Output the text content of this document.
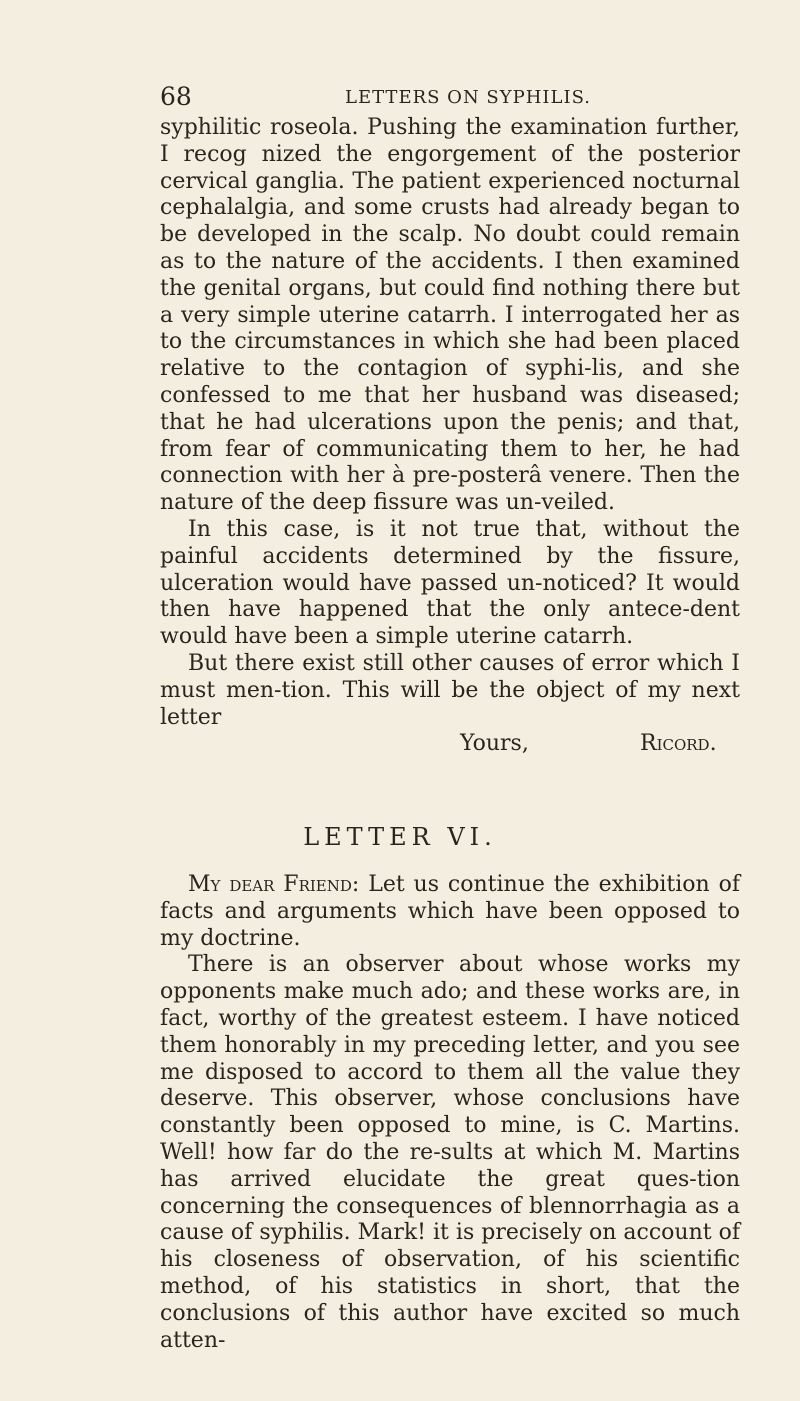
68	LETTERS ON SYPHILIS.

syphilitic roseola. Pushing the examination further, I recog nized the engorgement of the posterior cervical ganglia. The patient experienced nocturnal cephalalgia, and some crusts had already began to be developed in the scalp. No doubt could remain as to the nature of the accidents. I then examined the genital organs, but could find nothing there but a very simple uterine catarrh. I interrogated her as to the circumstances in which she had been placed relative to the contagion of syphi-lis, and she confessed to me that her husband was diseased; that he had ulcerations upon the penis; and that, from fear of communicating them to her, he had connection with her à pre-posterâ venere. Then the nature of the deep fissure was un-veiled.

In this case, is it not true that, without the painful accidents determined by the fissure, ulceration would have passed un-noticed? It would then have happened that the only antece-dent would have been a simple uterine catarrh.

But there exist still other causes of error which I must men-tion. This will be the object of my next letter

Yours,	Ricord.
LETTER VI.

My dear Friend: Let us continue the exhibition of facts and arguments which have been opposed to my doctrine.

There is an observer about whose works my opponents make much ado; and these works are, in fact, worthy of the greatest esteem. I have noticed them honorably in my preceding letter, and you see me disposed to accord to them all the value they deserve. This observer, whose conclusions have constantly been opposed to mine, is C. Martins. Well! how far do the re-sults at which M. Martins has arrived elucidate the great ques-tion concerning the consequences of blennorrhagia as a cause of syphilis. Mark! it is precisely on account of his closeness of observation, of his scientific method, of his statistics in short, that the conclusions of this author have excited so much atten-
